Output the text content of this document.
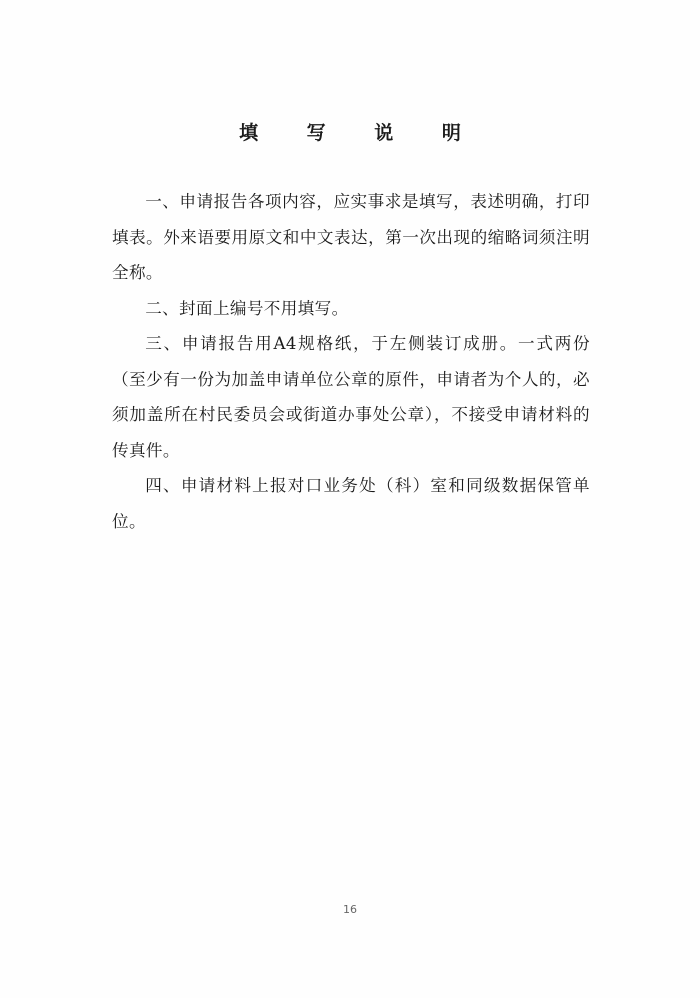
填 写 说 明

一、申请报告各项内容，应实事求是填写，表述明确，打印填表。外来语要用原文和中文表达，第一次出现的缩略词须注明全称。

二、封面上编号不用填写。

三、申请报告用A4规格纸，于左侧装订成册。一式两份（至少有一份为加盖申请单位公章的原件，申请者为个人的，必须加盖所在村民委员会或街道办事处公章），不接受申请材料的传真件。

四、申请材料上报对口业务处（科）室和同级数据保管单位。

16
